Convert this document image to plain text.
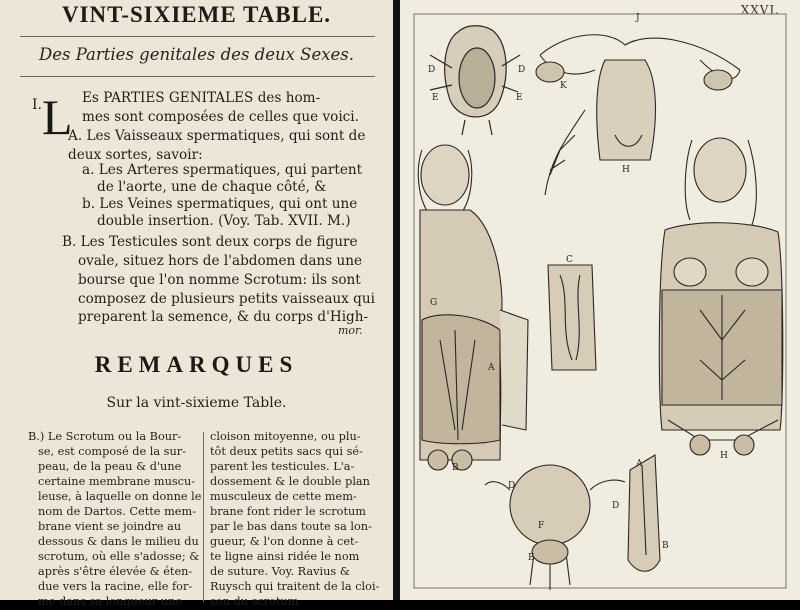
VINT-SIXIEME TABLE.
Des Parties genitales des deux Sexes.
I. L Es PARTIES GENITALES des hom-
mes sont composées de celles que voici.
A. Les Vaisseaux spermatiques, qui sont de
deux sortes, savoir:
a. Les Arteres spermatiques, qui partent
de l'aorte, une de chaque côté, &
b. Les Veines spermatiques, qui ont une
double insertion. (Voy. Tab. XVII. M.)
B. Les Testicules sont deux corps de figure
ovale, situez hors de l'abdomen dans une
bourse que l'on nomme Scrotum: ils sont
composez de plusieurs petits vaisseaux qui
preparent la semence, & du corps d'High-
mor.
REMARQUES
Sur la vint-sixieme Table.
B.) Le Scrotum ou la Bour-
se, est composé de la sur-
peau, de la peau & d'une
certaine membrane muscu-
leuse, à laquelle on donne le
nom de Dartos. Cette mem-
brane vient se joindre au
dessous & dans le milieu du
scrotum, où elle s'adosse; &
après s'être élevée & éten-
due vers la racine, elle for-
me dans sa longueur une
cloison mitoyenne, ou plu-
tôt deux petits sacs qui sé-
parent les testicules. L'a-
dossement & le double plan
musculeux de cette mem-
brane font rider le scrotum
par le bas dans toute sa lon-
gueur, & l'on donne à cet-
te ligne ainsi ridée le nom
de suture. Voy. Ravius &
Ruysch qui traitent de la cloi-
son du scrotum.
XXVI.
J
D
E
D
E
K
H
G
A
B
H
C
D
F
E
A
D
B
